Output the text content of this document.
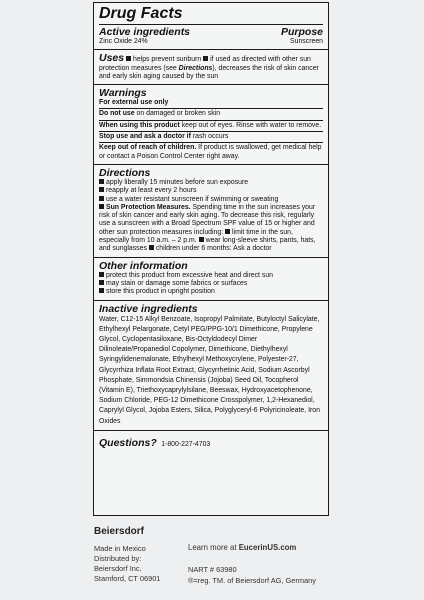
Drug Facts
Active ingredients	Purpose
Zinc Oxide 24%	Sunscreen
Uses helps prevent sunburn if used as directed with other sun protection measures (see Directions), decreases the risk of skin cancer and early skin aging caused by the sun
Warnings
For external use only
Do not use on damaged or broken skin
When using this product keep out of eyes. Rinse with water to remove.
Stop use and ask a doctor if rash occurs
Keep out of reach of children. If product is swallowed, get medical help or contact a Poison Control Center right away.
Directions
apply liberally 15 minutes before sun exposure
reapply at least every 2 hours
use a water resistant sunscreen if swimming or sweating
Sun Protection Measures. Spending time in the sun increases your risk of skin cancer and early skin aging. To decrease this risk, regularly use a sunscreen with a Broad Spectrum SPF value of 15 or higher and other sun protection measures including: limit time in the sun, especially from 10 a.m. – 2 p.m. wear long-sleeve shirts, pants, hats, and sunglasses children under 6 months: Ask a doctor
Other information
protect this product from excessive heat and direct sun
may stain or damage some fabrics or surfaces
store this product in upright position
Inactive ingredients
Water, C12-15 Alkyl Benzoate, Isopropyl Palmitate, Butyloctyl Salicylate, Ethylhexyl Pelargonate, Cetyl PEG/PPG-10/1 Dimethicone, Propylene Glycol, Cyclopentasiloxane, Bis-Octyldodecyl Dimer Dilinoleate/Propanediol Copolymer, Dimethicone, Diethylhexyl Syringylidenemalonate, Ethylhexyl Methoxycrylene, Polyester-27, Glycyrrhiza Inflata Root Extract, Glycyrrhetinic Acid, Sodium Ascorbyl Phosphate, Simmondsia Chinensis (Jojoba) Seed Oil, Tocopherol (Vitamin E), Triethoxycaprylylsilane, Beeswax, Hydroxyacetophenone, Sodium Chloride, PEG-12 Dimethicone Crosspolymer, 1,2-Hexanediol, Caprylyl Glycol, Jojoba Esters, Silica, Polyglyceryl-6 Polyricinoleate, Iron Oxides
Questions? 1-800-227-4703
Beiersdorf
Made in Mexico
Distributed by:
Beiersdorf Inc.
Stamford, CT 06901
Learn more at EucerinUS.com
NART # 63980
®=reg. TM. of Beiersdorf AG, Germany
